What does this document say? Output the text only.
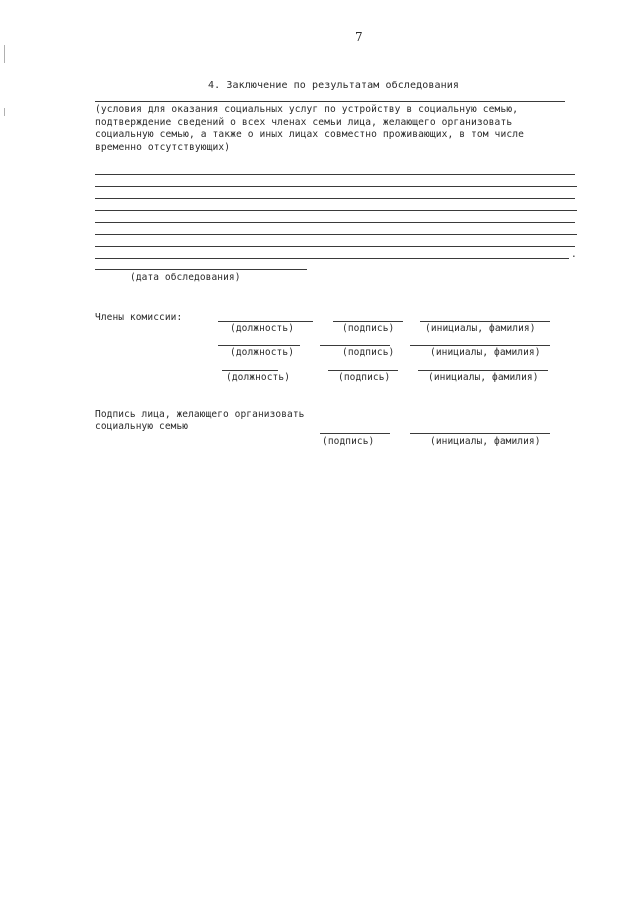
7
4. Заключение по результатам обследования
(условия для оказания социальных услуг по устройству в социальную семью,
подтверждение сведений о всех членах семьи лица, желающего организовать
социальную семью, а также о иных лицах совместно проживающих, в том числе
временно отсутствующих)
.
(дата обследования)
Члены комиссии:
(должность)	(подпись)	(инициалы, фамилия)
(должность)	(подпись)	(инициалы, фамилия)
(должность)	(подпись)	(инициалы, фамилия)
Подпись лица, желающего организовать
социальную семью
(подпись)	(инициалы, фамилия)
